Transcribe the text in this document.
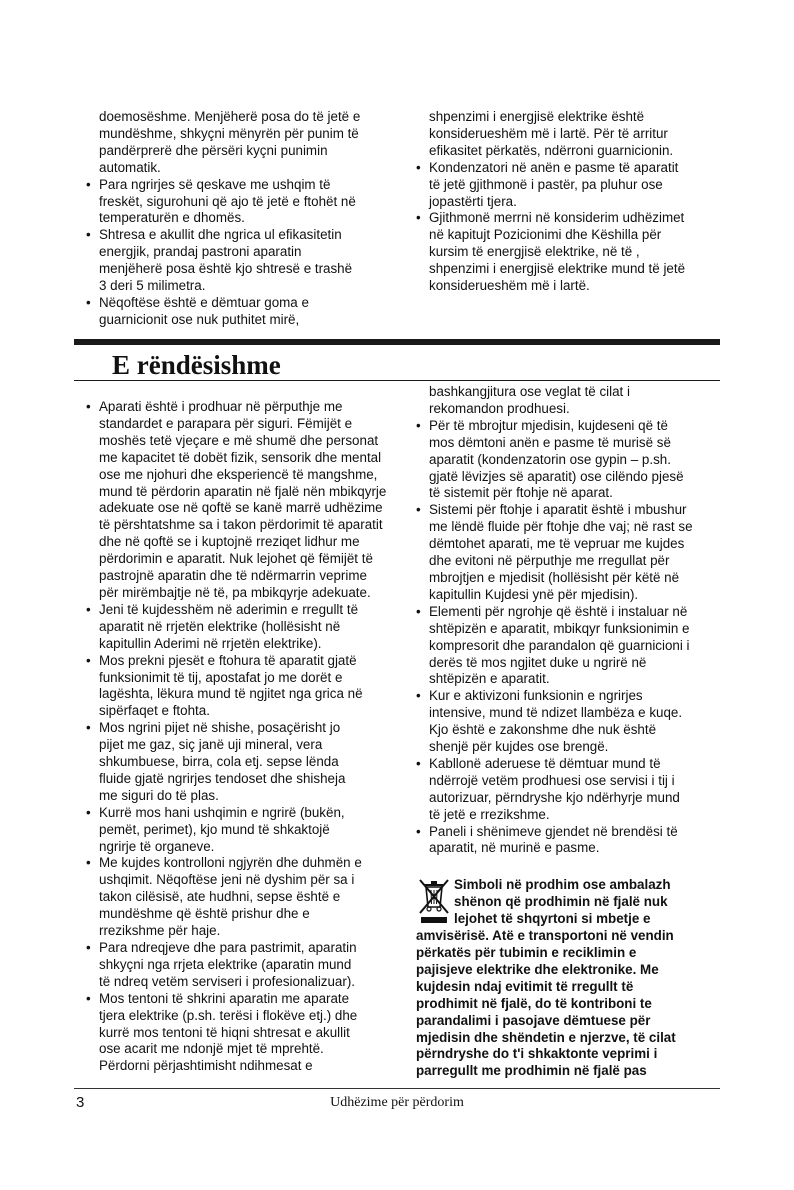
doemosëshme. Menjëherë posa do të jetë e
mundëshme, shkyçni mënyrën për punim të
pandërprerë dhe përsëri kyçni punimin
automatik.

• Para ngrirjes së qeskave me ushqim të
freskët, sigurohuni që ajo të jetë e ftohët në
temperaturën e dhomës.
• Shtresa e akullit dhe ngrica ul efikasitetin
energjik, prandaj pastroni aparatin
menjëherë posa është kjo shtresë e trashë
3 deri 5 milimetra.
• Nëqoftëse është e dëmtuar goma e
guarnicionit ose nuk puthitet mirë,

shpenzimi i energjisë elektrike është
konsiderueshëm më i lartë. Për të arritur
efikasitet përkatës, ndërroni guarnicionin.

• Kondenzatori në anën e pasme të aparatit
të jetë gjithmonë i pastër, pa pluhur ose
jopastërti tjera.
• Gjithmonë merrni në konsiderim udhëzimet
në kapitujt Pozicionimi dhe Këshilla për
kursim të energjisë elektrike, në të ,
shpenzimi i energjisë elektrike mund të jetë
konsiderueshëm më i lartë.
E rëndësishme
• Aparati është i prodhuar në përputhje me
standardet e parapara për siguri. Fëmijët e
moshës tetë vjeçare e më shumë dhe personat
me kapacitet të dobët fizik, sensorik dhe mental
ose me njohuri dhe eksperiencë të mangshme,
mund të përdorin aparatin në fjalë nën mbikqyrje
adekuate ose në qoftë se kanë marrë udhëzime
të përshtatshme sa i takon përdorimit të aparatit
dhe në qoftë se i kuptojnë rreziqet lidhur me
përdorimin e aparatit. Nuk lejohet që fëmijët të
pastrojnë aparatin dhe të ndërmarrin veprime
për mirëmbajtje në të, pa mbikqyrje adekuate.
• Jeni të kujdesshëm në aderimin e rregullt të
aparatit në rrjetën elektrike (hollësisht në
kapitullin Aderimi në rrjetën elektrike).
• Mos prekni pjesët e ftohura të aparatit gjatë
funksionimit të tij, apostafat jo me dorët e
lagështa, lëkura mund të ngjitet nga grica në
sipërfaqet e ftohta.
• Mos ngrini pijet në shishe, posaçërisht jo
pijet me gaz, siç janë uji mineral, vera
shkumbuese, birra, cola etj. sepse lënda
fluide gjatë ngrirjes tendoset dhe shisheja
me siguri do të plas.
• Kurrë mos hani ushqimin e ngrirë (bukën,
pemët, perimet), kjo mund të shkaktojë
ngrirje të organeve.
• Me kujdes kontrolloni ngjyrën dhe duhmën e
ushqimit. Nëqoftëse jeni në dyshim për sa i
takon cilësisë, ate hudhni, sepse është e
mundëshme që është prishur dhe e
rrezikshme për haje.
• Para ndreqjeve dhe para pastrimit, aparatin
shkyçni nga rrjeta elektrike (aparatin mund
të ndreq vetëm serviseri i profesionalizuar).
• Mos tentoni të shkrini aparatin me aparate
tjera elektrike (p.sh. terësi i flokëve etj.) dhe
kurrë mos tentoni të hiqni shtresat e akullit
ose acarit me ndonjë mjet të mprehtë.
Përdorni përjashtimisht ndihmesat e

bashkangjitura ose veglat të cilat i
rekomandon prodhuesi.

• Për të mbrojtur mjedisin, kujdeseni që të
mos dëmtoni anën e pasme të murisë së
aparatit (kondenzatorin ose gypin – p.sh.
gjatë lëvizjes së aparatit) ose cilëndo pjesë
të sistemit për ftohje në aparat.
• Sistemi për ftohje i aparatit është i mbushur
me lëndë fluide për ftohje dhe vaj; në rast se
dëmtohet aparati, me të vepruar me kujdes
dhe evitoni në përputhje me rregullat për
mbrojtjen e mjedisit (hollësisht për këtë në
kapitullin Kujdesi ynë për mjedisin).
• Elementi për ngrohje që është i instaluar në
shtëpizën e aparatit, mbikqyr funksionimin e
kompresorit dhe parandalon që guarnicioni i
derës të mos ngjitet duke u ngrirë në
shtëpizën e aparatit.
• Kur e aktivizoni funksionin e ngrirjes
intensive, mund të ndizet llambëza e kuqe.
Kjo është e zakonshme dhe nuk është
shenjë për kujdes ose brengë.
• Kabllonë aderuese të dëmtuar mund të
ndërrojë vetëm prodhuesi ose servisi i tij i
autorizuar, përndryshe kjo ndërhyrje mund
të jetë e rrezikshme.
• Paneli i shënimeve gjendet në brendësi të
aparatit, në murinë e pasme.
Simboli në prodhim ose ambalazh
shënon që prodhimin në fjalë nuk
lejohet të shqyrtoni si mbetje e
amvisërisë. Atë e transportoni në vendin
përkatës për tubimin e reciklimin e
pajisjeve elektrike dhe elektronike. Me
kujdesin ndaj evitimit të rregullt të
prodhimit në fjalë, do të kontriboni te
parandalimi i pasojave dëmtuese për
mjedisin dhe shëndetin e njerzve, të cilat
përndryshe do t'i shkaktonte veprimi i
parregullt me prodhimin në fjalë pas
3	Udhëzime për përdorim
